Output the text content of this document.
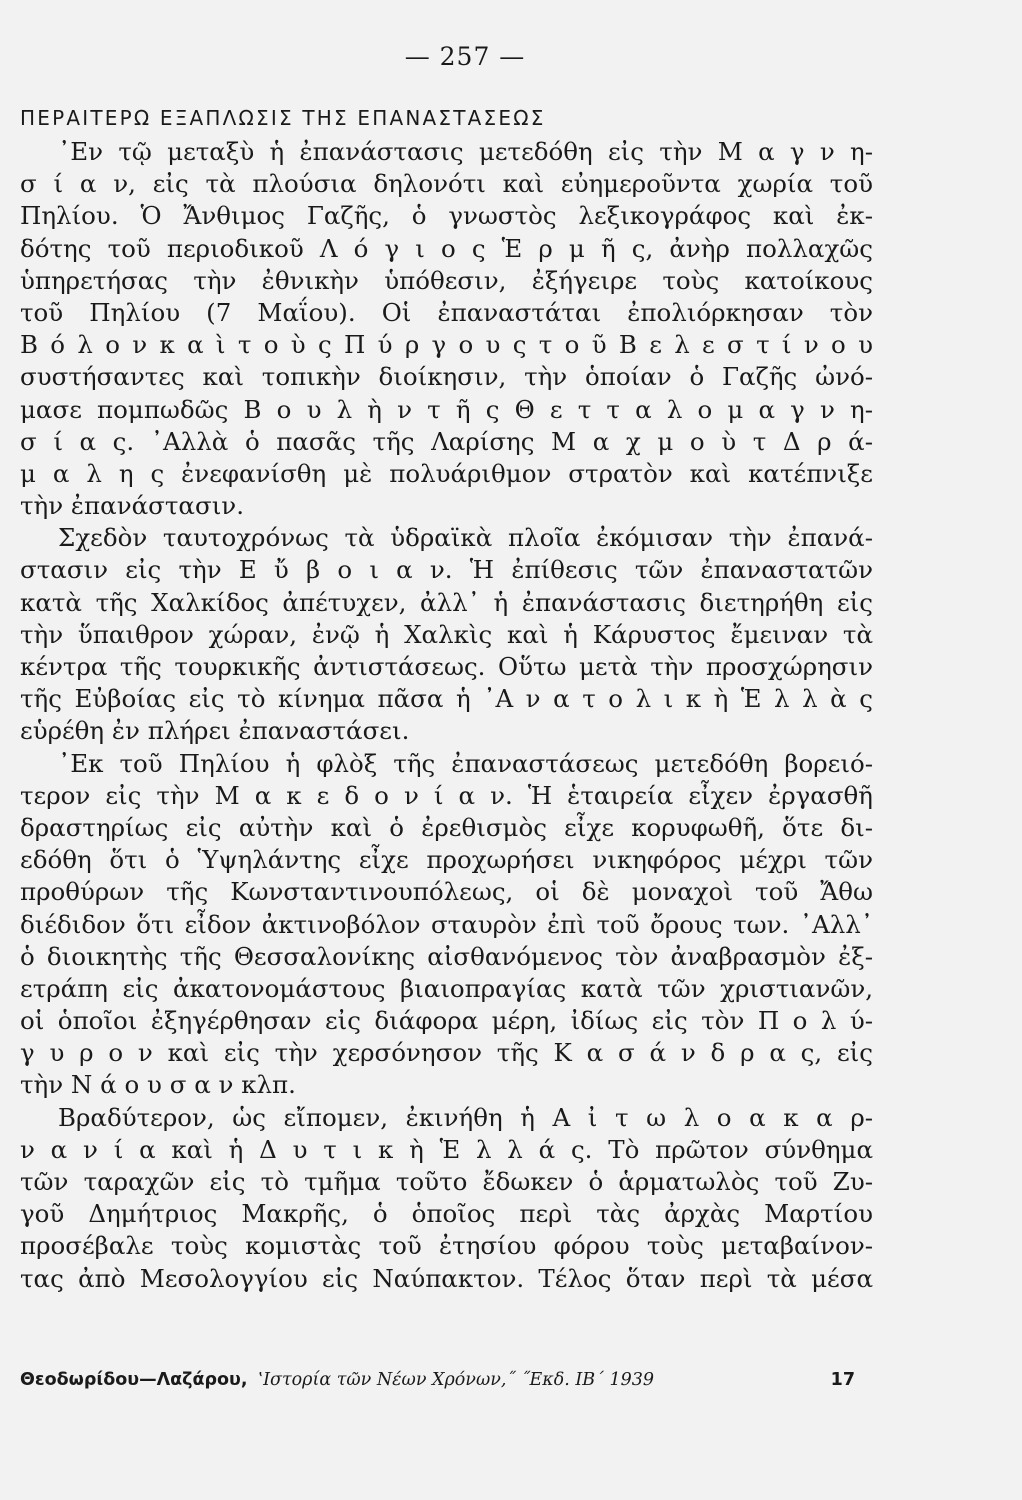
— 257 —
ΠΕΡΑΙΤΕΡΩ ΕΞΑΠΛΩΣΙΣ ΤΗΣ ΕΠΑΝΑΣΤΑΣΕΩΣ
᾽Εν τῷ μεταξὺ ἡ ἐπανάστασις μετεδόθη εἰς τὴν Μ α γ ν η-
σ ί α ν, εἰς τὰ πλούσια δηλονότι καὶ εὐημεροῦντα χωρία τοῦ
Πηλίου. Ὁ Ἄνθιμος Γαζῆς, ὁ γνωστὸς λεξικογράφος καὶ ἐκ-
δότης τοῦ περιοδικοῦ Λ ό γ ι ο ς Ἑ ρ μ ῆ ς, ἀνὴρ πολλαχῶς
ὑπηρετήσας τὴν ἐθνικὴν ὑπόθεσιν, ἐξήγειρε τοὺς κατοίκους
τοῦ Πηλίου (7 Μαΐου). Οἱ ἐπαναστάται ἐπολιόρκησαν τὸν
Β ό λ ο ν κ α ὶ τ ο ὺ ς Π ύ ρ γ ο υ ς τ ο ῦ Β ε λ ε σ τ ί ν ο υ
συστήσαντες καὶ τοπικὴν διοίκησιν, τὴν ὁποίαν ὁ Γαζῆς ὠνό-
μασε πομπωδῶς Β ο υ λ ὴ ν τ ῆ ς Θ ε τ τ α λ ο μ α γ ν η-
σ ί α ς. ᾽Αλλὰ ὁ πασᾶς τῆς Λαρίσης Μ α χ μ ο ὺ τ Δ ρ ά-
μ α λ η ς ἐνεφανίσθη μὲ πολυάριθμον στρατὸν καὶ κατέπνιξε
τὴν ἐπανάστασιν.
Σχεδὸν ταυτοχρόνως τὰ ὑδραϊκὰ πλοῖα ἐκόμισαν τὴν ἐπανά-
στασιν εἰς τὴν Ε ὔ β ο ι α ν. Ἡ ἐπίθεσις τῶν ἐπαναστατῶν
κατὰ τῆς Χαλκίδος ἀπέτυχεν, ἀλλ᾽ ἡ ἐπανάστασις διετηρήθη εἰς
τὴν ὕπαιθρον χώραν, ἐνῷ ἡ Χαλκὶς καὶ ἡ Κάρυστος ἔμειναν τὰ
κέντρα τῆς τουρκικῆς ἀντιστάσεως. Οὕτω μετὰ τὴν προσχώρησιν
τῆς Εὐβοίας εἰς τὸ κίνημα πᾶσα ἡ ᾽Α ν α τ ο λ ι κ ὴ Ἑ λ λ ὰ ς
εὑρέθη ἐν πλήρει ἐπαναστάσει.
᾽Εκ τοῦ Πηλίου ἡ φλὸξ τῆς ἐπαναστάσεως μετεδόθη βορειό-
τερον εἰς τὴν Μ α κ ε δ ο ν ί α ν. Ἡ ἑταιρεία εἶχεν ἐργασθῆ
δραστηρίως εἰς αὐτὴν καὶ ὁ ἐρεθισμὸς εἶχε κορυφωθῆ, ὅτε δι-
εδόθη ὅτι ὁ Ὑψηλάντης εἶχε προχωρήσει νικηφόρος μέχρι τῶν
προθύρων τῆς Κωνσταντινουπόλεως, οἱ δὲ μοναχοὶ τοῦ Ἄθω
διέδιδον ὅτι εἶδον ἀκτινοβόλον σταυρὸν ἐπὶ τοῦ ὄρους των. ᾽Αλλ᾽
ὁ διοικητὴς τῆς Θεσσαλονίκης αἰσθανόμενος τὸν ἀναβρασμὸν ἐξ-
ετράπη εἰς ἀκατονομάστους βιαιοπραγίας κατὰ τῶν χριστιανῶν,
οἱ ὁποῖοι ἐξηγέρθησαν εἰς διάφορα μέρη, ἰδίως εἰς τὸν Π ο λ ύ-
γ υ ρ ο ν καὶ εἰς τὴν χερσόνησον τῆς Κ α σ ά ν δ ρ α ς, εἰς
τὴν Ν ά ο υ σ α ν κλπ.
Βραδύτερον, ὡς εἴπομεν, ἐκινήθη ἡ Α ἰ τ ω λ ο α κ α ρ-
ν α ν ί α καὶ ἡ Δ υ τ ι κ ὴ Ἑ λ λ ά ς. Τὸ πρῶτον σύνθημα
τῶν ταραχῶν εἰς τὸ τμῆμα τοῦτο ἔδωκεν ὁ ἁρματωλὸς τοῦ Ζυ-
γοῦ Δημήτριος Μακρῆς, ὁ ὁποῖος περὶ τὰς ἀρχὰς Μαρτίου
προσέβαλε τοὺς κομιστὰς τοῦ ἐτησίου φόρου τοὺς μεταβαίνον-
τας ἀπὸ Μεσολογγίου εἰς Ναύπακτον. Τέλος ὅταν περὶ τὰ μέσα
Θεοδωρίδου—Λαζάρου, ʽΙστορία τῶν Νέων Χρόνων,˝ ˝Εκδ. ΙΒ΄ 1939	17
